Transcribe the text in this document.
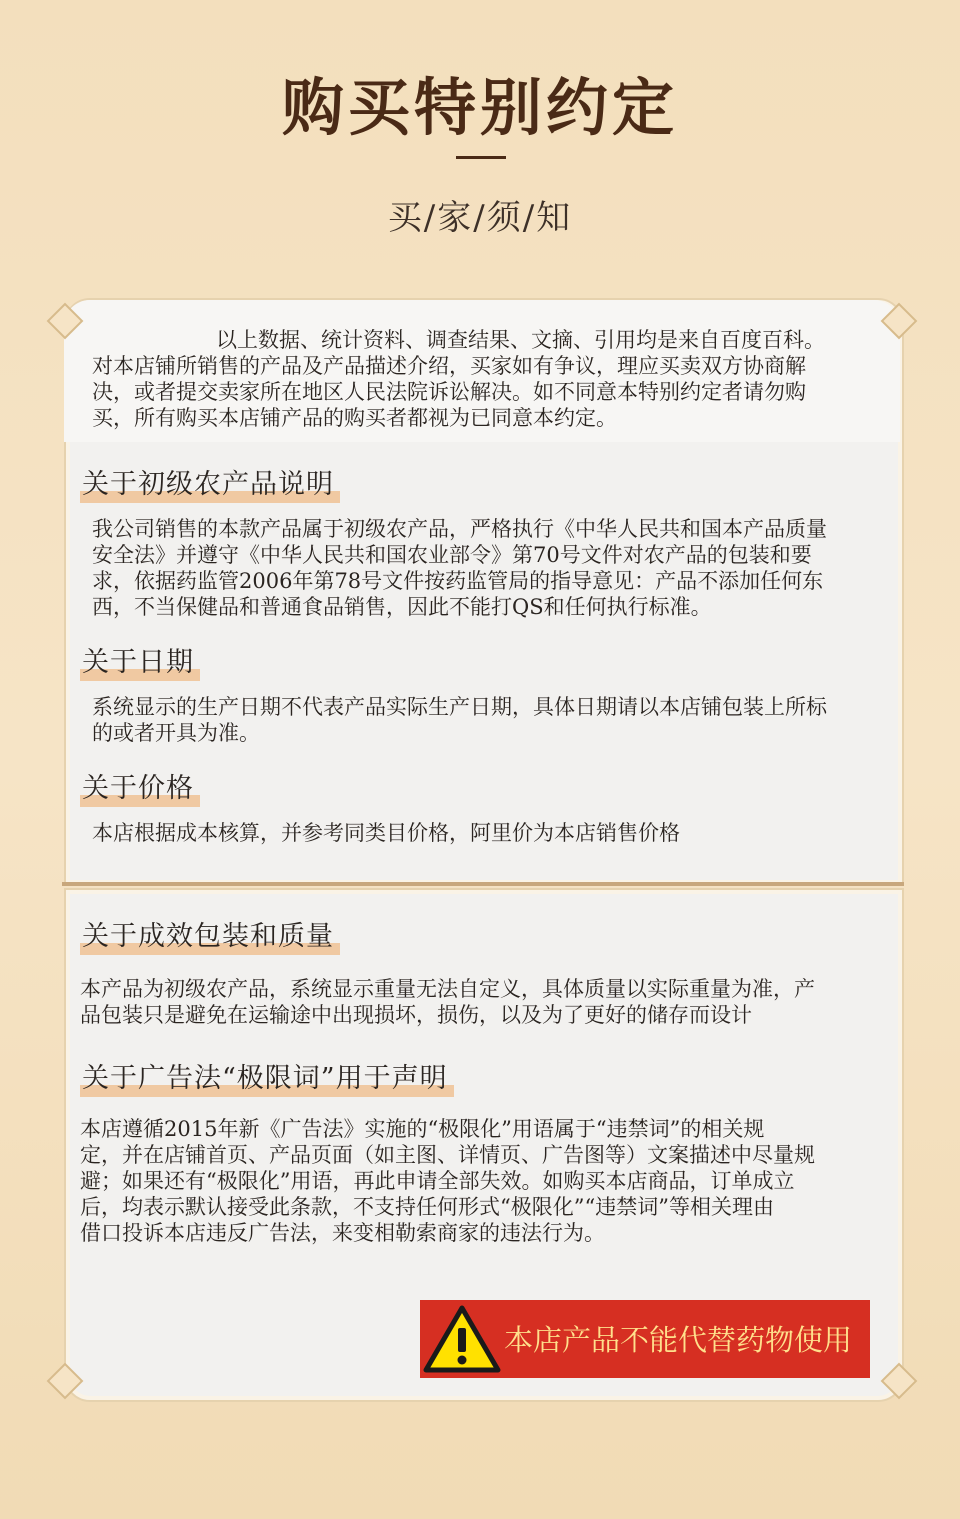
购买特别约定
买/家/须/知
以上数据、统计资料、调查结果、文摘、引用均是来自百度百科。
对本店铺所销售的产品及产品描述介绍，买家如有争议，理应买卖双方协商解
决，或者提交卖家所在地区人民法院诉讼解决。如不同意本特别约定者请勿购
买，所有购买本店铺产品的购买者都视为已同意本约定。
关于初级农产品说明
我公司销售的本款产品属于初级农产品，严格执行《中华人民共和国本产品质量
安全法》并遵守《中华人民共和国农业部令》第70号文件对农产品的包装和要
求，依据药监管2006年第78号文件按药监管局的指导意见：产品不添加任何东
西，不当保健品和普通食品销售，因此不能打QS和任何执行标准。
关于日期
系统显示的生产日期不代表产品实际生产日期，具体日期请以本店铺包装上所标
的或者开具为准。
关于价格
本店根据成本核算，并参考同类目价格，阿里价为本店销售价格
关于成效包装和质量
本产品为初级农产品，系统显示重量无法自定义，具体质量以实际重量为准，产
品包装只是避免在运输途中出现损坏，损伤，以及为了更好的储存而设计
关于广告法“极限词”用于声明
本店遵循2015年新《广告法》实施的“极限化”用语属于“违禁词”的相关规
定，并在店铺首页、产品页面（如主图、详情页、广告图等）文案描述中尽量规
避；如果还有“极限化”用语，再此申请全部失效。如购买本店商品，订单成立
后，均表示默认接受此条款，不支持任何形式“极限化”“违禁词”等相关理由
借口投诉本店违反广告法，来变相勒索商家的违法行为。
本店产品不能代替药物使用
